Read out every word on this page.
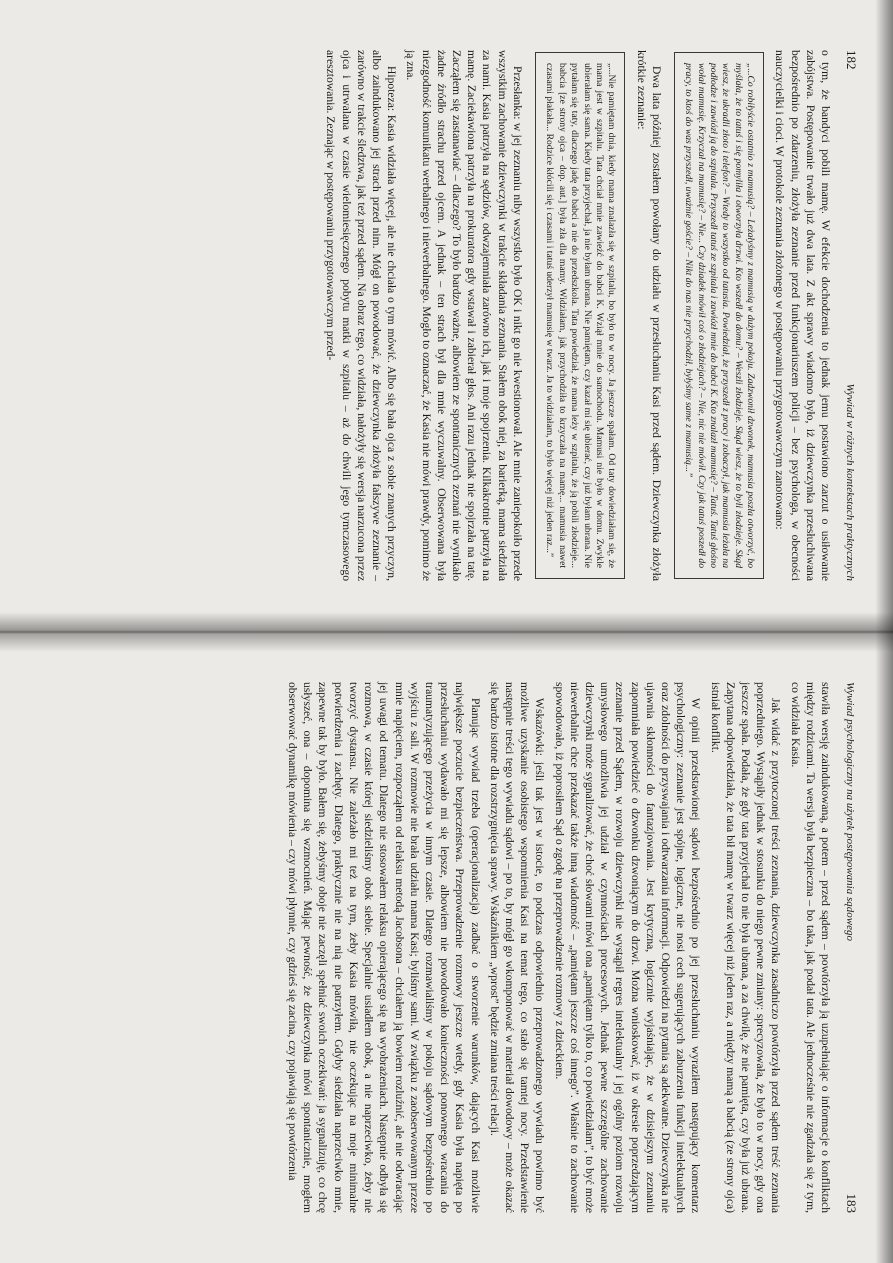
182
Wywiad w różnych kontekstach praktycznych

o tym, że bandyci pobili mamę. W efekcie dochodzenia to jednak jemu postawiono zarzut o usiłowanie zabójstwa. Postępowanie trwało już dwa lata. Z akt sprawy wiadomo było, iż dziewczynka przesłuchiwana bezpośrednio po zdarzeniu, złożyła zeznanie przed funkcjonariuszem policji – bez psychologa, w obecności nauczycielki i cioci. W protokole zeznania złożonego w postępowaniu przygotowawczym zanotowano:

„...Co robiłyście ostatnio z mamusią? – Leżałyśmy z mamusią w dużym pokoju. Zadzwonił dzwonek, mamusia poszła otworzyć, bo myślała, że to tatuś i się pomyliła i otworzyła drzwi. Kto wszedł do domu? – Weszli złodzieje. Skąd wiesz, że to byli złodzieje. Skąd wiesz, że ukradli złoto i telefon? – Wtedy to wszystko od tatusia. Powiedział, że przyszedł z pracy i zobaczył, jak mamusia leżała na podłodze i zawiózł ją do szpitala. Przyszedł tatuś ze szpitala i zawiózł mnie do babci K. Kto znalazł mamusię? – Tatuś. Tatuś głośno wołał mamusię. Krzyczał na mamusię? – Nie... Czy dziadek mówił coś o złodziejach? – Nie, nic nie mówił. Czy jak tatuś poszedł do pracy, to ktoś do was przyszedł, uważnie goście? – Nikt do nas nie przychodził, byłyśmy same z mamusią...”

Dwa lata później zostałem powołany do udziału w przesłuchaniu Kasi przed sądem. Dziewczynka złożyła krótkie zeznanie:

„...Nie pamiętam dnia, kiedy mama znalazła się w szpitalu, bo było to w nocy. Ja jeszcze spałam. Od taty dowiedziałam się, że mama jest w szpitalu. Tata chciał mnie zawieźć do babci K. Wziął mnie do samochodu. Mamusi nie było w domu. Zwykle ubierałam się sama. Kiedy tata przyjechał, ja nie byłam ubrana. Nie pamiętam, czy kazał mi się ubierać, czy już byłam ubrana. Nie pytałam się taty, dlaczego jadę do babci a nie do przedszkola. Tata powiedział, że mama leży w szpitalu, że ją pobili złodzieje... babcia [ze strony ojca – dop. aut.] była zła dla mamy. Widziałam, jak przychodziła to krzyczała na mamę... mamusia nawet czasami płakała... Rodzice kłócili się i czasami i tatuś uderzył mamusię w twarz. Ja to widziałam, to było więcej niż jeden raz...”

Przesłanka: w jej zeznaniu niby wszystko było OK i nikt go nie kwestionował. Ale mnie zaniepokoiło przede wszystkim zachowanie dziewczynki w trakcie składania zeznania. Stałem obok niej, za barierką, mama siedziała za nami. Kasia patrzyła na sędziów, odwzajemniała zarówno ich, jak i moje spojrzenia. Kilkakrotnie patrzyła na mamę. Zaciekawiona patrzyła na prokuratora gdy wstawał i zabierał głos. Ani razu jednak nie spojrzała na tatę. Zacząłem się zastanawiać – dlaczego? To było bardzo ważne, albowiem ze spontanicznych zeznań nie wynikało żadne źródło strachu przed ojcem. A jednak – ten strach był dla mnie wyczuwalny. Obserwowana była niezgodność komunikatu werbalnego i niewerbalnego. Mogło to oznaczać, że Kasia nie mówi prawdy, pomimo że ją zna.

Hipoteza: Kasia widziała więcej, ale nie chciała o tym mówić. Albo się bała ojca z sobie znanych przyczyn, albo zaindukowano jej strach przed nim. Mógł on powodować, że dziewczynka złożyła fałszywe zeznanie – zarówno w trakcie śledztwa, jak też przed sądem. Na obraz tego, co widziała, nałożyły się wersja narzucona przez ojca i utrwalana w czasie wielomiesięcznego pobytu matki w szpitalu – aż do chwili jego tymczasowego aresztowania. Zeznając w postępowaniu przygotowawczym przed-

Wywiad psychologiczny na użytek postępowania sądowego
183

stawiła wersję zaindukowaną, a potem – przed sądem – powtórzyła ją uzupełniając o informacje o konfliktach między rodzicami. Ta wersja była bezpieczna – bo taka, jak podał tata. Ale jednocześnie nie zgadzała się z tym, co widziała Kasia.

Jak widać z przytoczonej treści zeznania, dziewczynka zasadniczo powtórzyła przed sądem treść zeznania poprzedniego. Wystąpiły jednak w stosunku do niego pewne zmiany: sprecyzowała, że było to w nocy, gdy ona jeszcze spała. Podała, że gdy tata przyjechał to nie była ubrana, a za chwilę, że nie pamięta, czy była już ubrana. Zapytana odpowiedziała, że tata bił mamę w twarz więcej niż jeden raz, a między mamą a babcią (ze strony ojca) istniał konflikt.

W opinii przedstawionej sądowi bezpośrednio po jej przesłuchaniu wyraziłem następujący komentarz psychologiczny: zeznanie jest spójne, logiczne, nie nosi cech sugerujących zaburzenia funkcji intelektualnych oraz zdolności do przyswajania i odtwarzania informacji. Odpowiedzi na pytania są adekwatne. Dziewczynka nie ujawnia skłonności do fantazjowania. Jest krytyczna, logicznie wyjaśniając, że w dzisiejszym zeznaniu zapomniała powiedzieć o dzwonku dzwoniącym do drzwi. Można wnioskować, iż w okresie poprzedzającym zeznanie przed Sądem, w rozwoju dziewczynki nie wystąpił regres intelektualny i jej ogólny poziom rozwoju umysłowego umożliwia jej udział w czynnościach procesowych. Jednak pewne szczególne zachowanie dziewczynki może sygnalizować, że choć słowami mówi ona „pamiętam tylko to, co powiedziałam”, to być może niewerbalnie chce przekazać także inną wiadomość – „pamiętam jeszcze coś innego”. Właśnie to zachowanie spowodowało, iż poprosiłem Sąd o zgodę na przeprowadzenie rozmowy z dzieckiem.

Wskazówki: jeśli tak jest w istocie, to podczas odpowiednio przeprowadzonego wywiadu powinno być możliwe uzyskanie osobistego wspomnienia Kasi na temat tego, co stało się tamtej nocy. Przedstawienie następnie treści tego wywiadu sądowi – po to, by mógł go wkomponować w materiał dowodowy – może okazać się bardzo istotne dla rozstrzygnięcia sprawy. Wskaźnikiem „wprost” będzie zmiana treści relacji.

Planując wywiad trzeba (operacjonalizacja) zadbać o stworzenie warunków, dających Kasi możliwie największe poczucie bezpieczeństwa. Przeprowadzenie rozmowy jeszcze wtedy, gdy Kasia była napięta po przesłuchaniu wydawało mi się lepsze, albowiem nie powodowało konieczności ponownego wracania do traumatyzującego przeżycia w innym czasie. Dlatego rozmawialiśmy w pokoju sądowym bezpośrednio po wyjściu z sali. W rozmowie nie brała udziału mama Kasi; byliśmy sami. W związku z zaobserwowanym przeze mnie napięciem, rozpocząłem od relaksu metodą Jacobsona – chciałem ją bowiem rozluźnić, ale nie odwracając jej uwagi od tematu. Dlatego nie stosowałem relaksu opierającego się na wyobrażeniach. Następnie odbyła się rozmowa, w czasie której siedzieliśmy obok siebie. Specjalnie usiadłem obok, a nie naprzeciwko, żeby nie tworzyć dystansu. Nie zależało mi też na tym, żeby Kasia mówiła, nie oczekując na moje minimalne potwierdzenia i zachęty. Dlatego, praktycznie nie na nią nie patrzyłem. Gdyby siedziała naprzeciwko mnie, zapewne tak by było. Bałem się, żebyśmy oboje nie zaczęli spełniać swoich oczekiwań: ja sygnalizuję, co chcę usłyszeć, ona – dopomina się wzmocnień. Mając pewność, że dziewczynka mówi spontanicznie, mogłem obserwować dynamikę mówienia – czy mówi płynnie, czy gdzieś się zacina, czy pojawiają się powtórzenia
